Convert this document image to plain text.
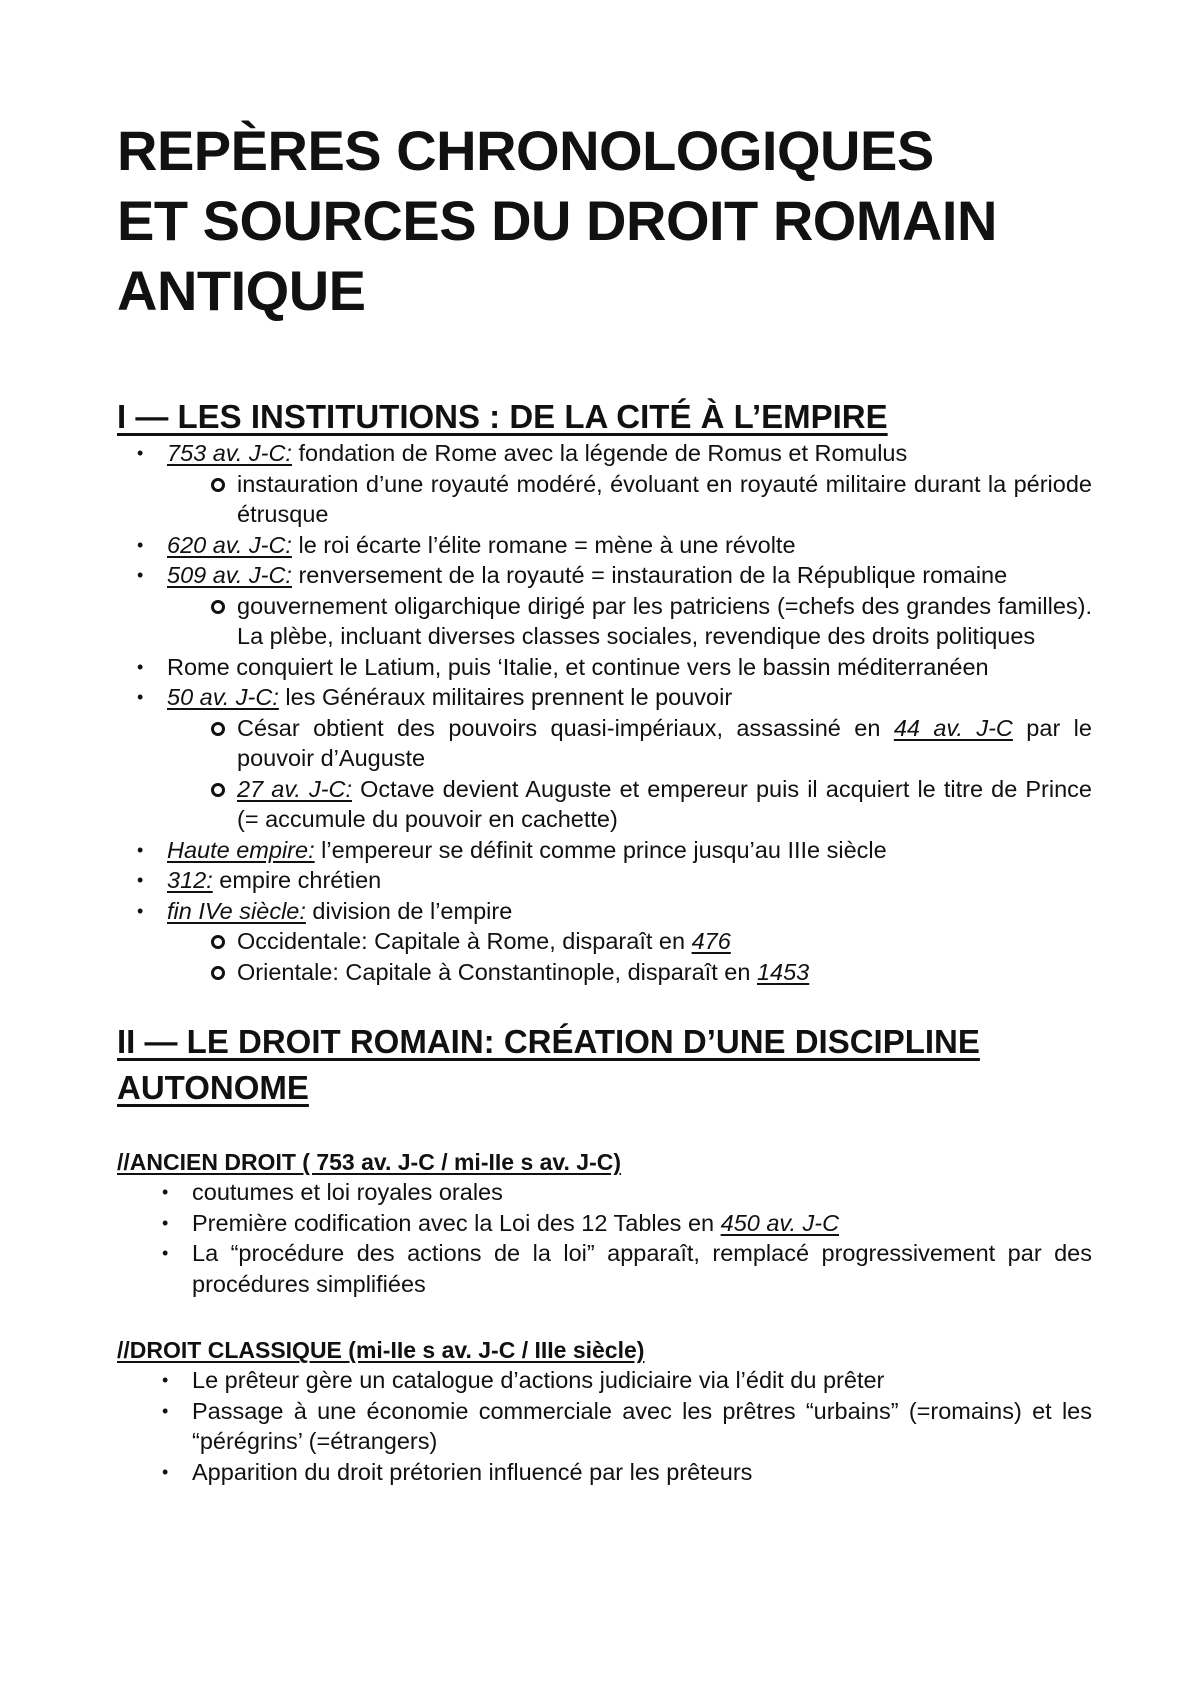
REPÈRES CHRONOLOGIQUES
ET SOURCES DU DROIT ROMAIN
ANTIQUE
I — LES INSTITUTIONS : DE LA CITÉ À L’EMPIRE
• 753 av. J-C: fondation de Rome avec la légende de Romus et Romulus
instauration d’une royauté modéré, évoluant en royauté militaire durant la période étrusque
• 620 av. J-C: le roi écarte l’élite romane = mène à une révolte
• 509 av. J-C: renversement de la royauté = instauration de la République romaine
gouvernement oligarchique dirigé par les patriciens (=chefs des grandes familles). La plèbe, incluant diverses classes sociales, revendique des droits politiques
• Rome conquiert le Latium, puis ‘Italie, et continue vers le bassin méditerranéen
• 50 av. J-C: les Généraux militaires prennent le pouvoir
César obtient des pouvoirs quasi-impériaux, assassiné en 44 av. J-C par le pouvoir d’Auguste
27 av. J-C: Octave devient Auguste et empereur puis il acquiert le titre de Prince (= accumule du pouvoir en cachette)
• Haute empire: l’empereur se définit comme prince jusqu’au IIIe siècle
• 312: empire chrétien
• fin IVe siècle: division de l’empire
Occidentale: Capitale à Rome, disparaît en 476
Orientale: Capitale à Constantinople, disparaît en 1453
II — LE DROIT ROMAIN: CRÉATION D’UNE DISCIPLINE
AUTONOME
//ANCIEN DROIT ( 753 av. J-C / mi-IIe s av. J-C)
• coutumes et loi royales orales
• Première codification avec la Loi des 12 Tables en 450 av. J-C
• La “procédure des actions de la loi” apparaît, remplacé progressivement par des procédures simplifiées
//DROIT CLASSIQUE (mi-IIe s av. J-C / IIIe siècle)
• Le prêteur gère un catalogue d’actions judiciaire via l’édit du prêter
• Passage à une économie commerciale avec les prêtres “urbains” (=romains) et les “pérégrins’ (=étrangers)
• Apparition du droit prétorien influencé par les prêteurs
